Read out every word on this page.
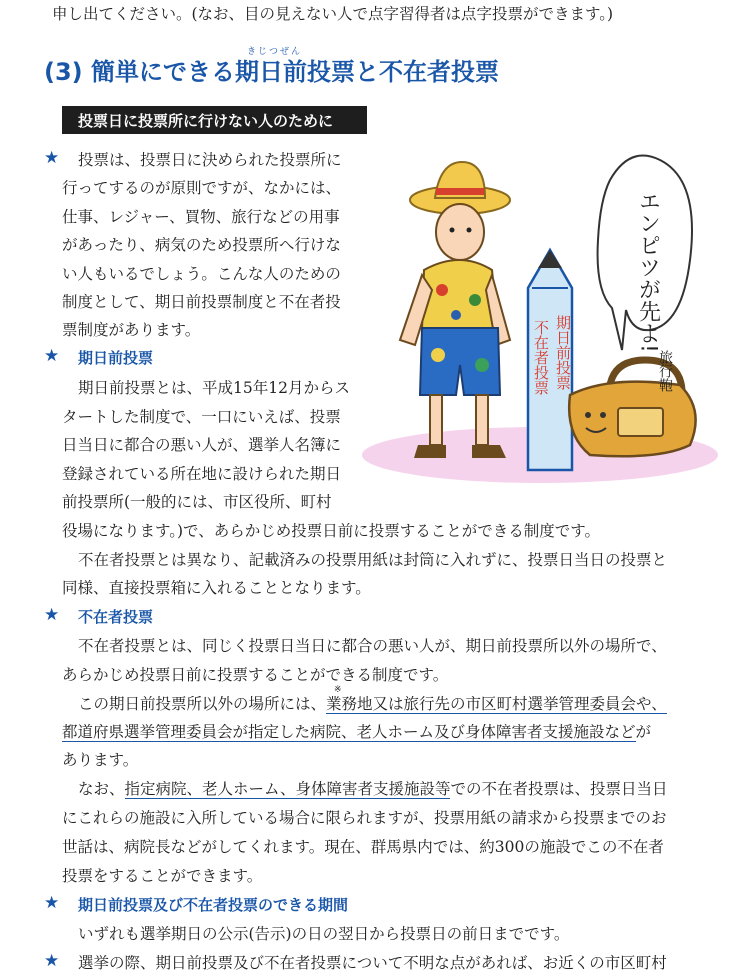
申し出てください。(なお、目の見えない人で点字習得者は点字投票ができます。)
きじつぜん
(3) 簡単にできる期日前投票と不在者投票
投票日に投票所に行けない人のために
★ 投票は、投票日に決められた投票所に
行ってするのが原則ですが、なかには、
仕事、レジャー、買物、旅行などの用事
があったり、病気のため投票所へ行けな
い人もいるでしょう。こんな人のための
制度として、期日前投票制度と不在者投
票制度があります。
★ 期日前投票
期日前投票とは、平成15年12月からス
タートした制度で、一口にいえば、投票
日当日に都合の悪い人が、選挙人名簿に
登録されている所在地に設けられた期日
前投票所(一般的には、市区役所、町村
役場になります。)で、あらかじめ投票日前に投票することができる制度です。
不在者投票とは異なり、記載済みの投票用紙は封筒に入れずに、投票日当日の投票と
同様、直接投票箱に入れることとなります。
★ 不在者投票
不在者投票とは、同じく投票日当日に都合の悪い人が、期日前投票所以外の場所で、
あらかじめ投票日前に投票することができる制度です。
この期日前投票所以外の場所には、業務地又は旅行先の市区町村選挙管理委員会や、
※
都道府県選挙管理委員会が指定した病院、老人ホーム及び身体障害者支援施設などが
あります。
なお、指定病院、老人ホーム、身体障害者支援施設等での不在者投票は、投票日当日
にこれらの施設に入所している場合に限られますが、投票用紙の請求から投票までのお
世話は、病院長などがしてくれます。現在、群馬県内では、約300の施設でこの不在者
投票をすることができます。
★ 期日前投票及び不在者投票のできる期間
いずれも選挙期日の公示(告示)の日の翌日から投票日の前日までです。
★ 選挙の際、期日前投票及び不在者投票について不明な点があれば、お近くの市区町村
エンピツが先よ!
期日前投票
不在者投票	旅行鞄
